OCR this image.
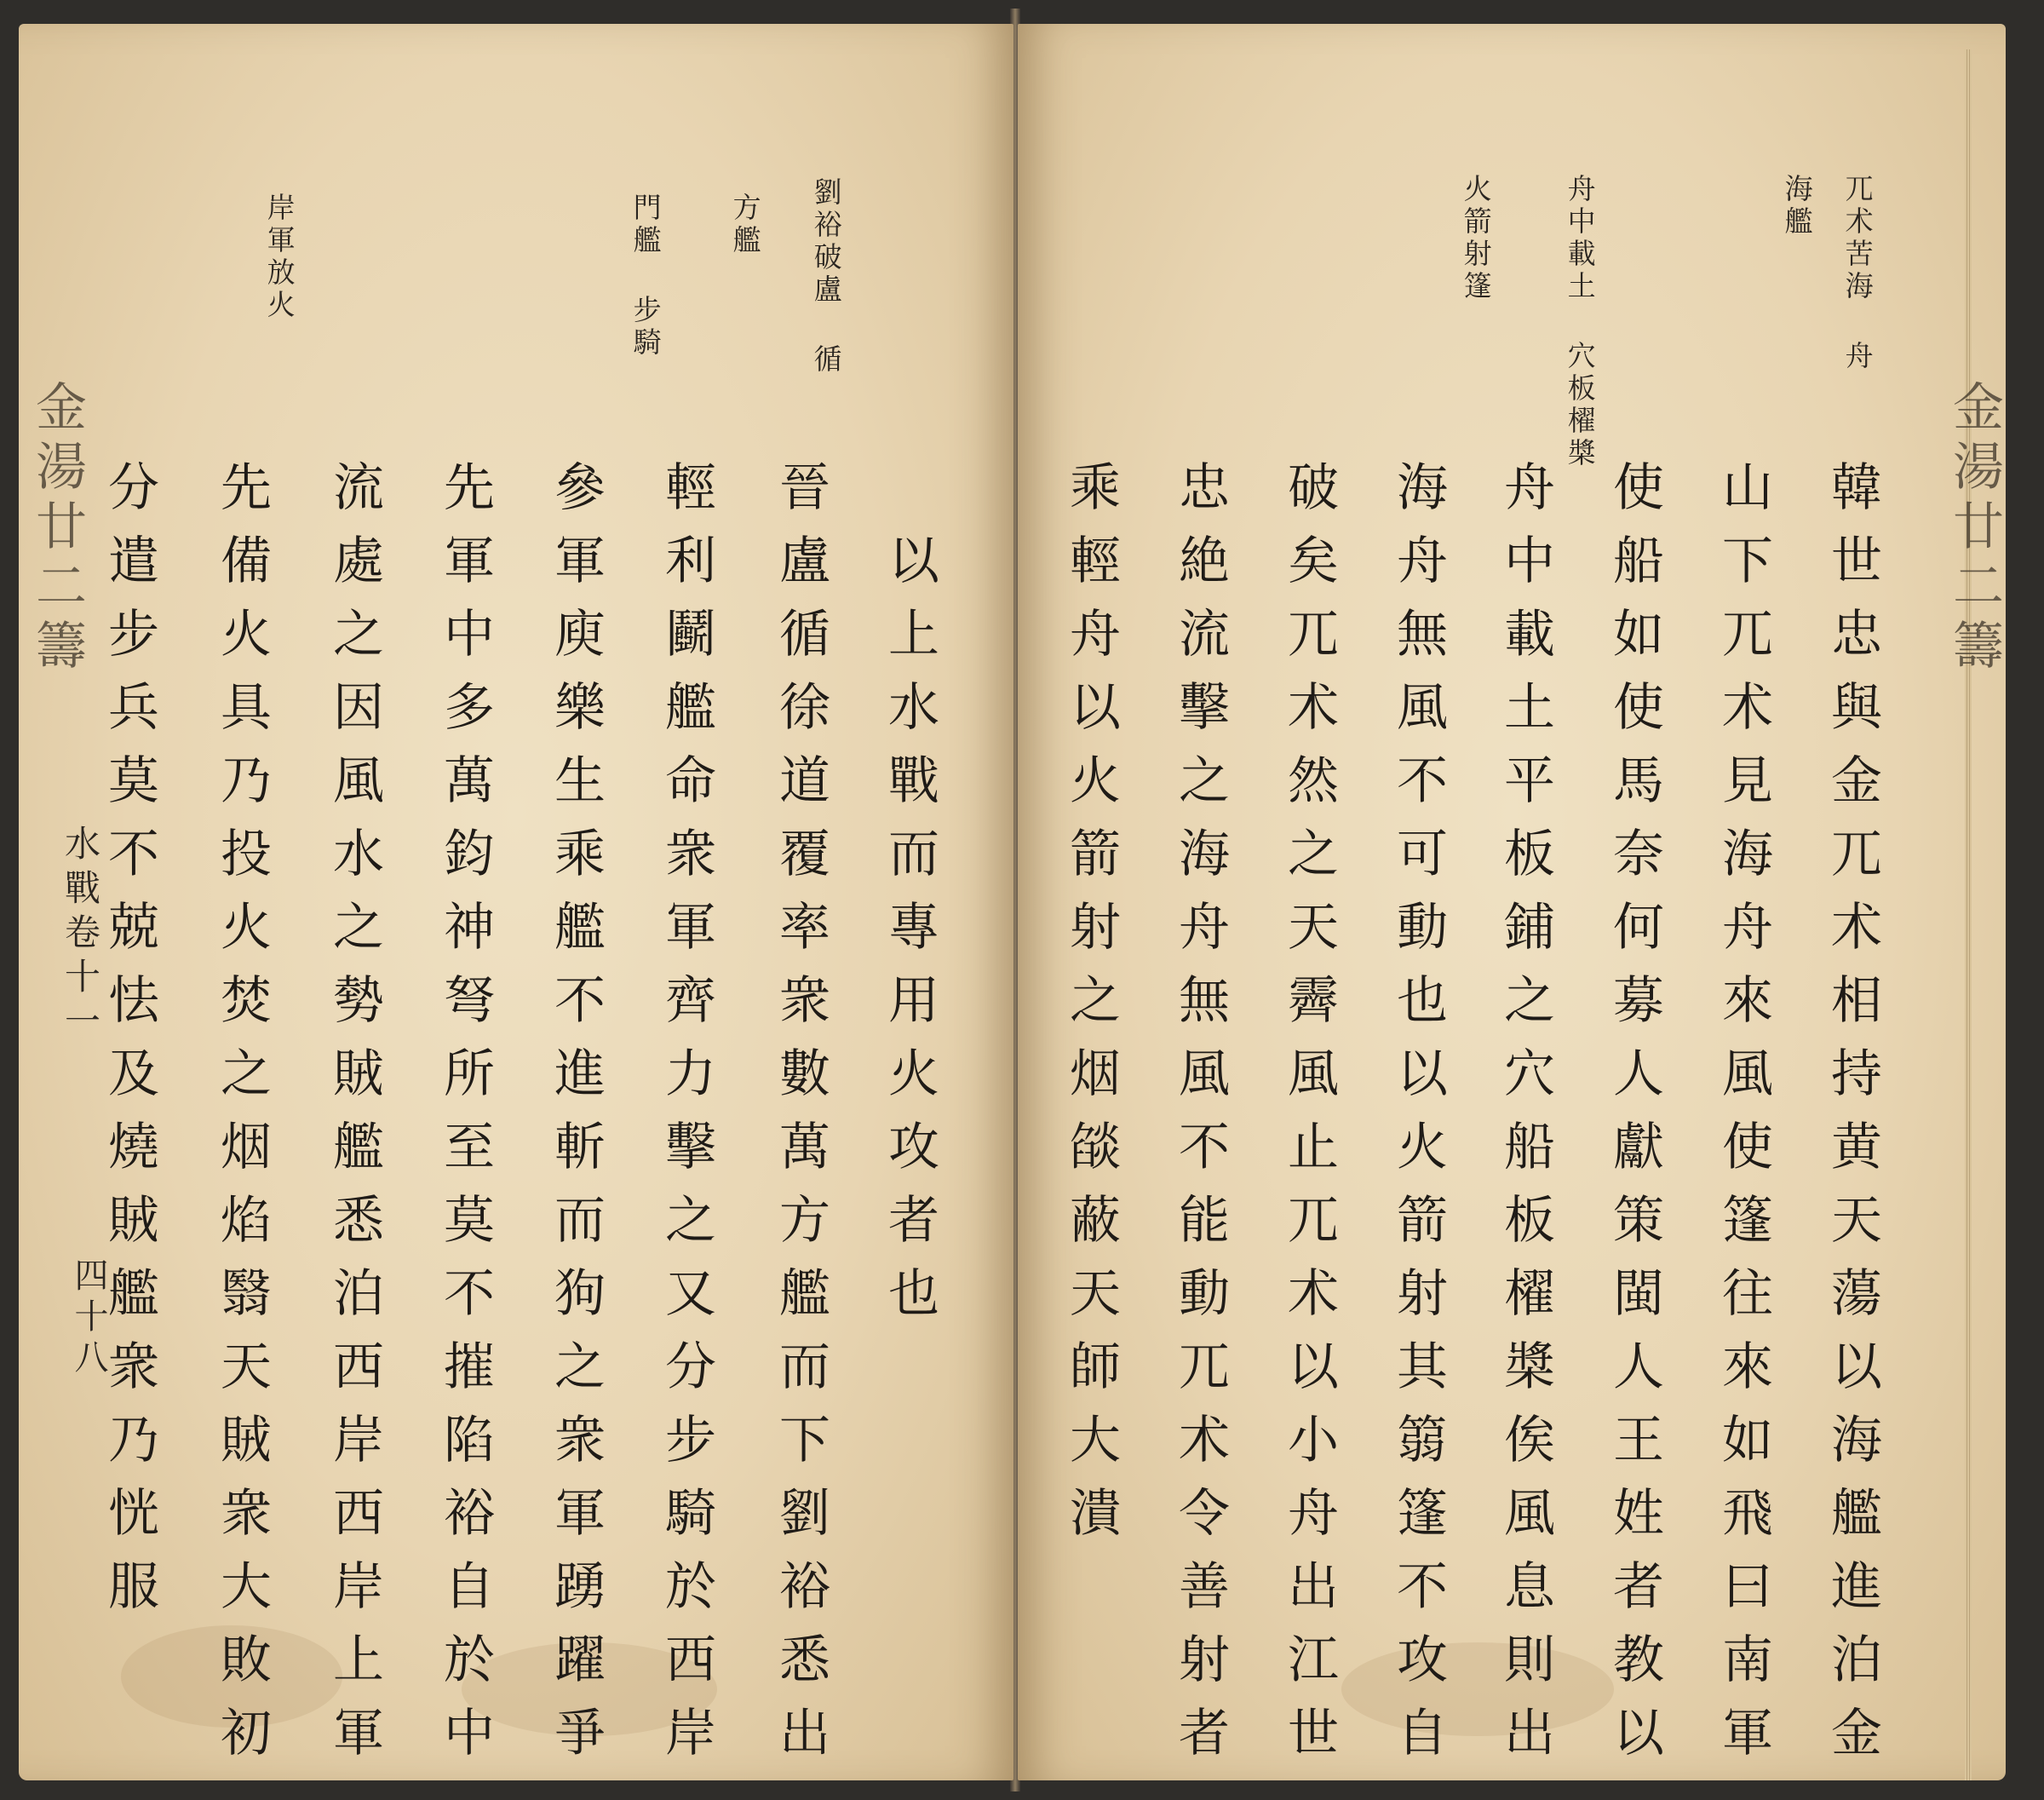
金湯廿二籌
水戰卷十一
四十八
岸軍放火	方艦
門艦 步騎	劉裕破盧 循
以上水戰而專用火攻者也
晉盧循徐道覆率衆數萬方艦而下劉裕悉出
輕利鬬艦命衆軍齊力擊之又分步騎於西岸
參軍庾樂生乘艦不進斬而狗之衆軍踴躍爭
先軍中多萬鈞神弩所至莫不摧陷裕自於中
流處之因風水之勢賊艦悉泊西岸西岸上軍
先備火具乃投火焚之烟焰翳天賊衆大敗初
分遣步兵莫不兢怯及燒賊艦衆乃恍服	金湯廿二籌
兀术苦海 舟
海艦
舟中載土 穴板櫂槳
火箭射篷
韓世忠與金兀术相持黄天蕩以海艦進泊金
山下兀术見海舟來風使篷往來如飛曰南軍
使船如使馬奈何募人獻策閩人王姓者教以
舟中載土平板鋪之穴船板櫂槳俟風息則出
海舟無風不可動也以火箭射其篛篷不攻自
破矣兀术然之天霽風止兀术以小舟出江世
忠絶流擊之海舟無風不能動兀术令善射者
乘輕舟以火箭射之烟燄蔽天師大潰
